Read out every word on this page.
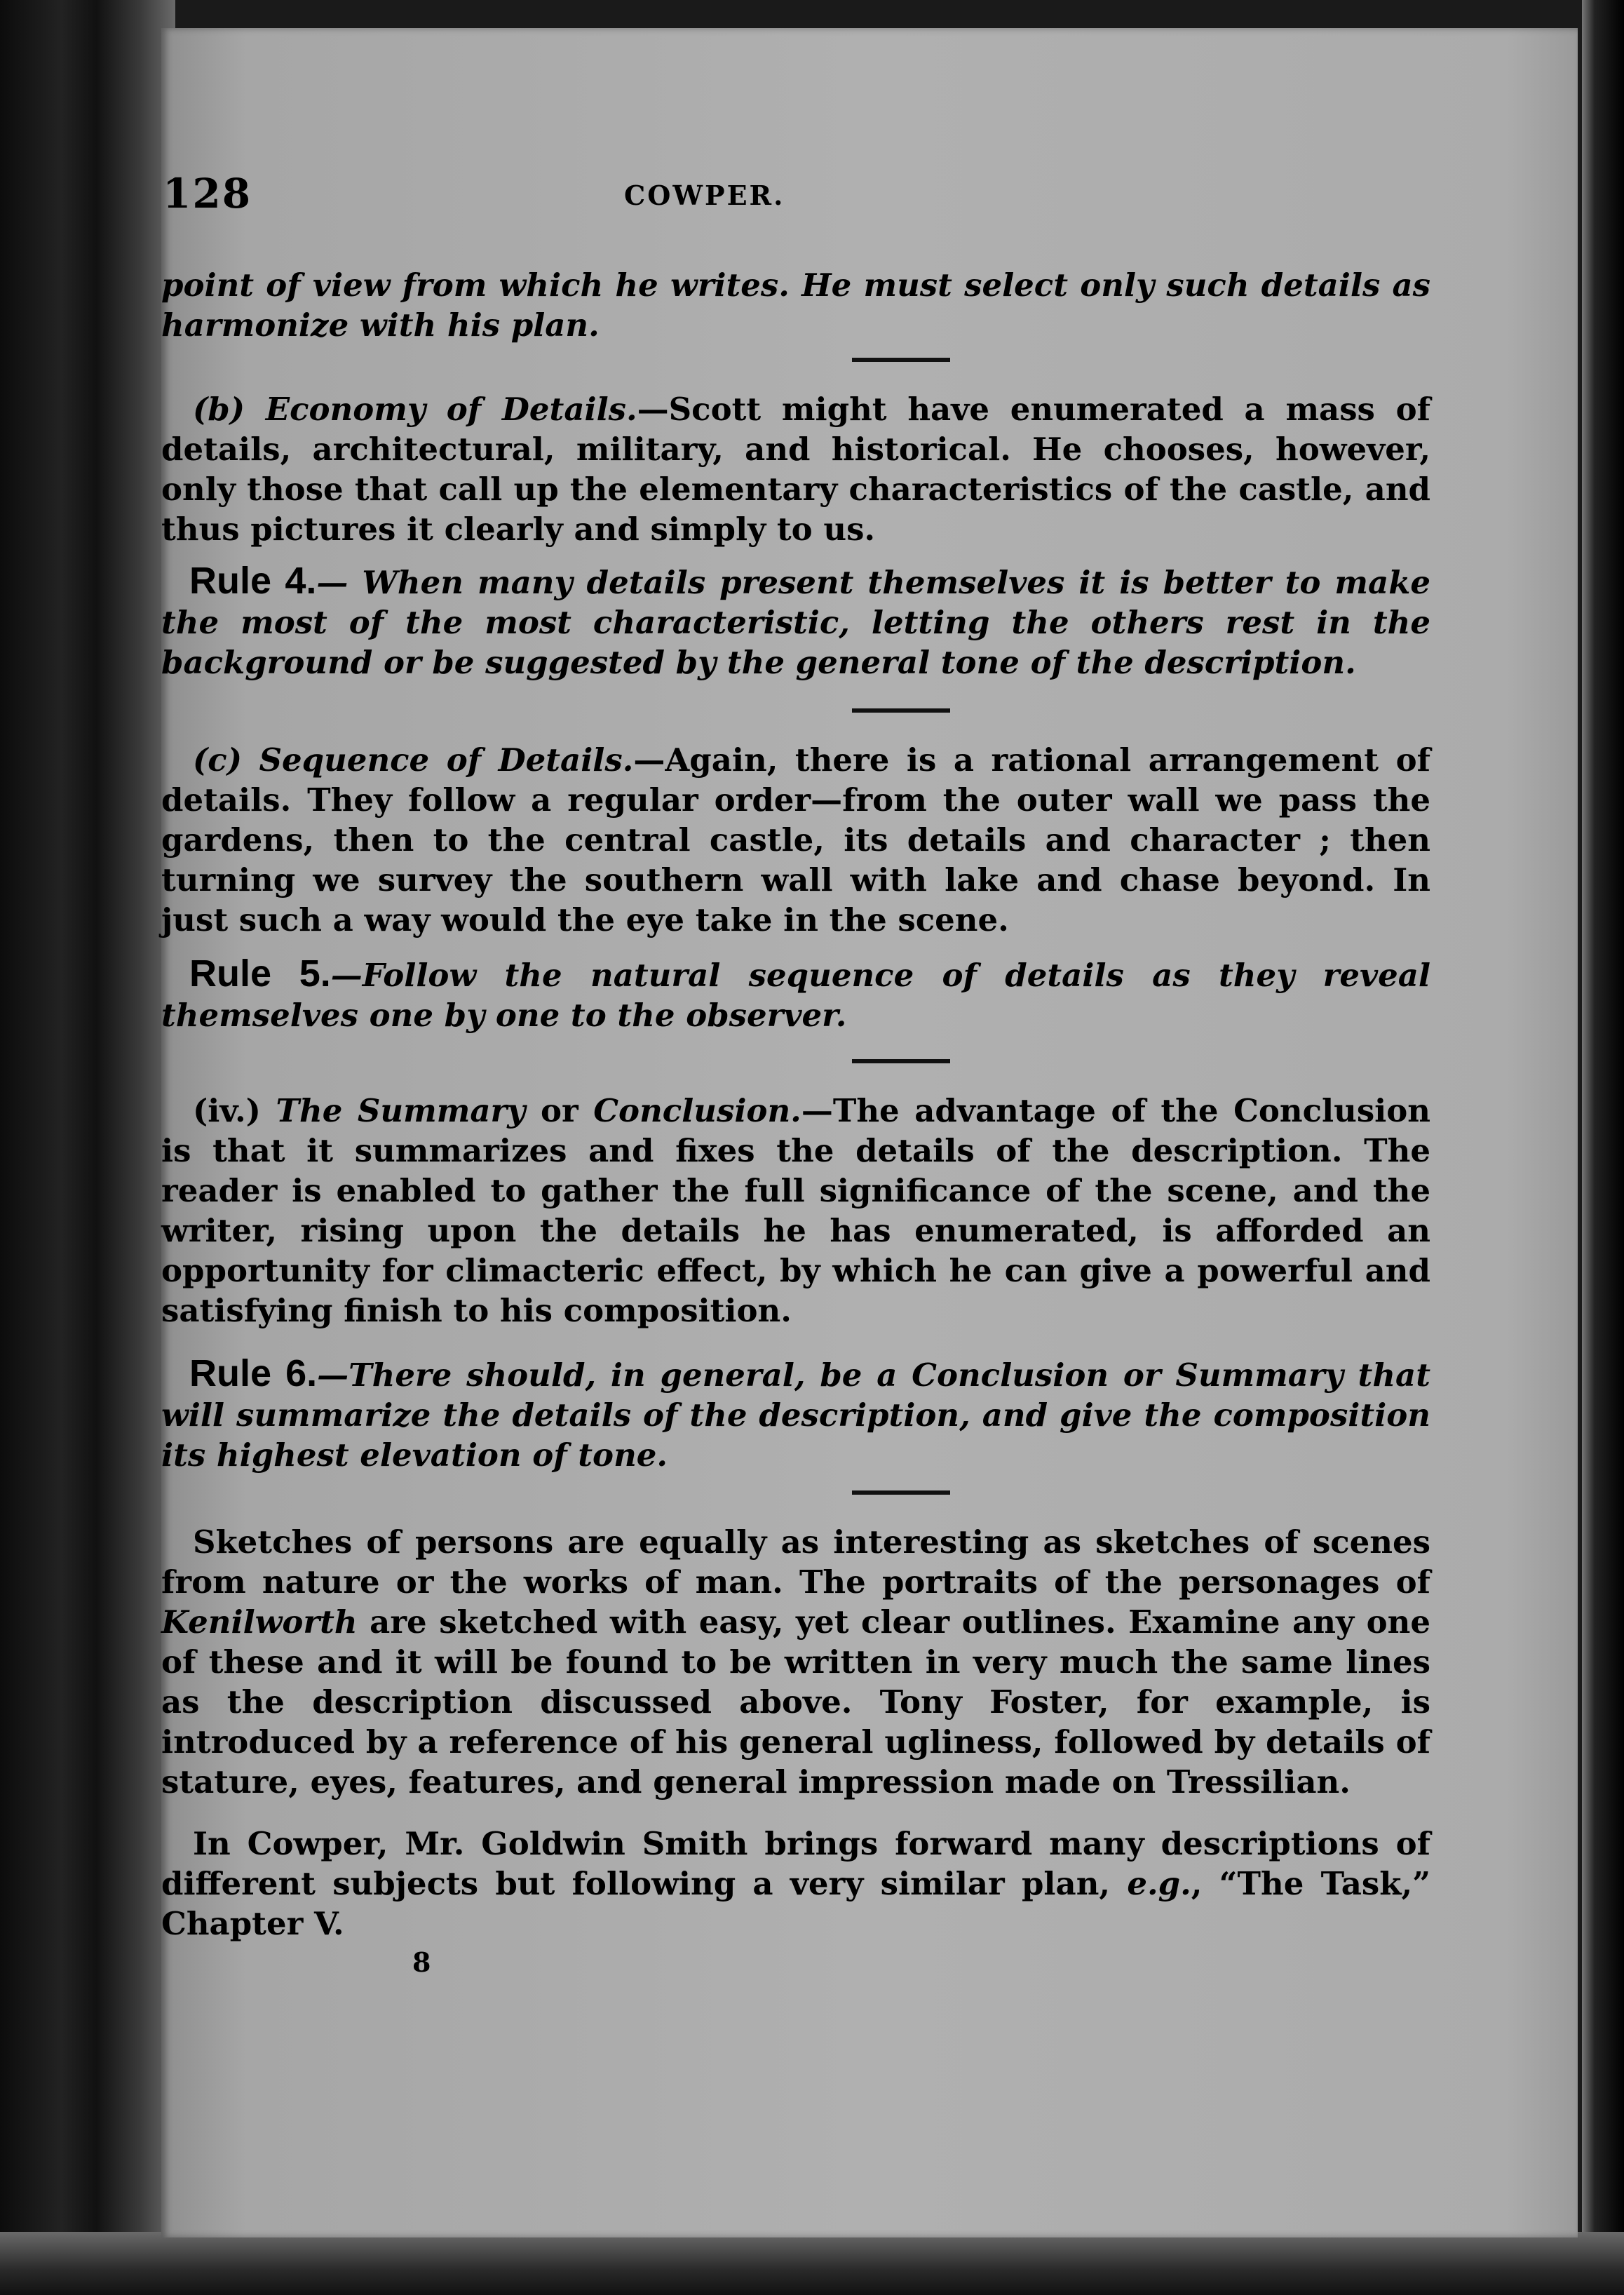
128	COWPER.

point of view from which he writes. He must select only such details as harmonize with his plan.

(b) Economy of Details.—Scott might have enumerated a mass of details, architectural, military, and historical. He chooses, however, only those that call up the elementary characteristics of the castle, and thus pictures it clearly and simply to us.

Rule 4.— When many details present themselves it is better to make the most of the most characteristic, letting the others rest in the background or be suggested by the general tone of the description.

(c) Sequence of Details.—Again, there is a rational arrangement of details. They follow a regular order—from the outer wall we pass the gardens, then to the central castle, its details and character ; then turning we survey the southern wall with lake and chase beyond. In just such a way would the eye take in the scene.

Rule 5.—Follow the natural sequence of details as they reveal themselves one by one to the observer.

(iv.) The Summary or Conclusion.—The advantage of the Conclusion is that it summarizes and fixes the details of the description. The reader is enabled to gather the full significance of the scene, and the writer, rising upon the details he has enumerated, is afforded an opportunity for climacteric effect, by which he can give a powerful and satisfying finish to his composition.

Rule 6.—There should, in general, be a Conclusion or Summary that will summarize the details of the description, and give the composition its highest elevation of tone.

Sketches of persons are equally as interesting as sketches of scenes from nature or the works of man. The portraits of the personages of Kenilworth are sketched with easy, yet clear outlines. Examine any one of these and it will be found to be written in very much the same lines as the description discussed above. Tony Foster, for example, is introduced by a reference of his general ugliness, followed by details of stature, eyes, features, and general impression made on Tressilian.

In Cowper, Mr. Goldwin Smith brings forward many descriptions of different subjects but following a very similar plan, e.g., “The Task,” Chapter V.

8
